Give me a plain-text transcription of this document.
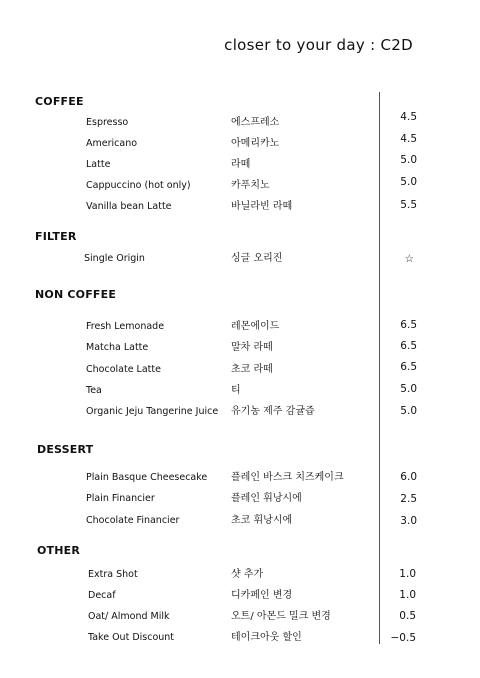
closer to your day : C2D
COFFEE
Espresso	에스프레소	4.5
Americano	아메리카노	4.5
Latte	라떼	5.0
Cappuccino (hot only)	카푸치노	5.0
Vanilla bean Latte	바닐라빈 라떼	5.5
FILTER
Single Origin	싱글 오리진	☆
NON COFFEE
Fresh Lemonade	레몬에이드	6.5
Matcha Latte	말차 라떼	6.5
Chocolate Latte	초코 라떼	6.5
Tea	티	5.0
Organic Jeju Tangerine Juice 유기농 제주 감귤즙	5.0
DESSERT
Plain Basque Cheesecake 플레인 바스크 치즈케이크	6.0
Plain Financier	플레인 휘낭시에	2.5
Chocolate Financier	초코 휘낭시에	3.0
OTHER
Extra Shot	샷 추가	1.0
Decaf	디카페인 변경	1.0
Oat/ Almond Milk	오트/ 아몬드 밀크 변경	0.5
Take Out Discount	테이크아웃 할인	−0.5
